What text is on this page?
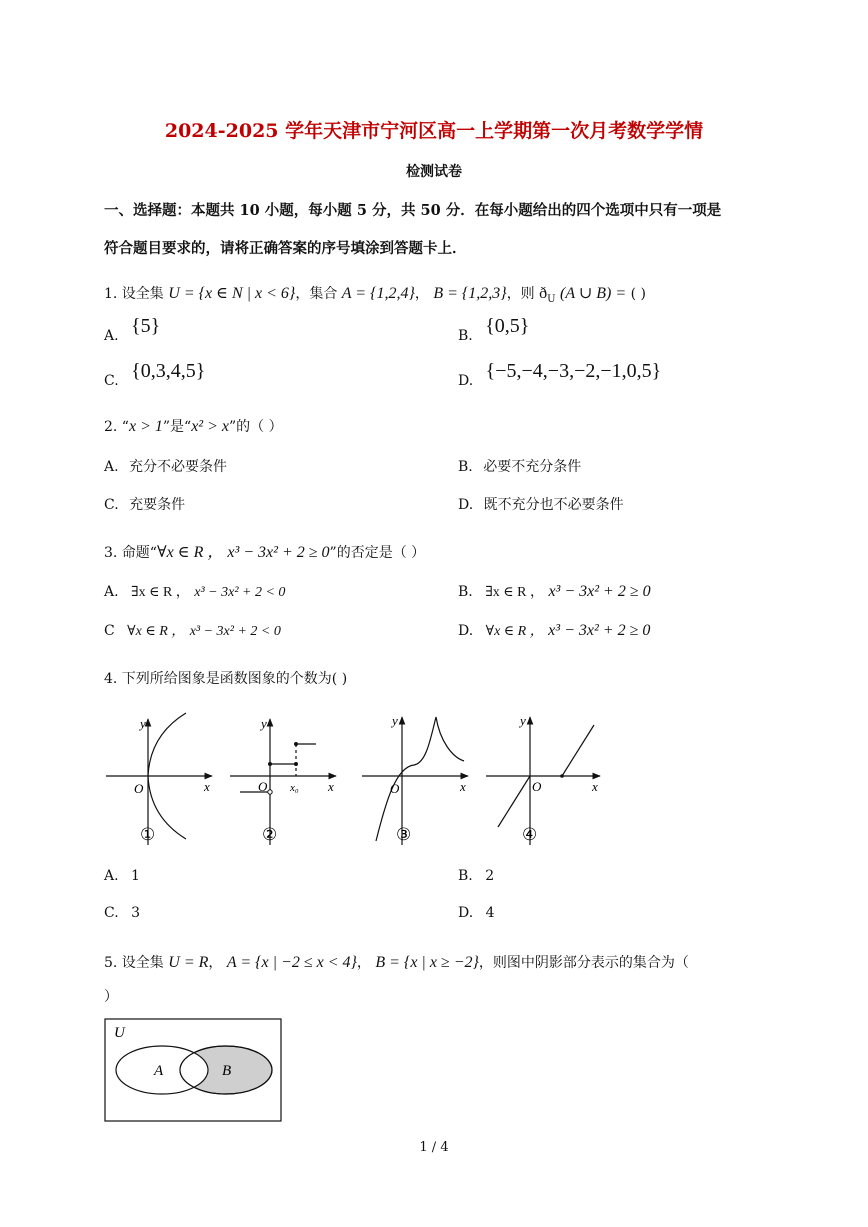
2024-2025 学年天津市宁河区高一上学期第一次月考数学学情
检测试卷
一、选择题：本题共 10 小题，每小题 5 分，共 50 分．在每小题给出的四个选项中只有一项是
符合题目要求的，请将正确答案的序号填涂到答题卡上．
1. 设全集 U = {x ∈ N | x < 6}，集合 A = {1,2,4}， B = {1,2,3}，则 $ð_U$ (A ∪ B) = ( )
A. {5}	B. {0,5}
C. {0,3,4,5}	D. {−5,−4,−3,−2,−1,0,5}
2. “x > 1”是“x² > x”的（ ）
A. 充分不必要条件	B. 必要不充分条件
C. 充要条件	D. 既不充分也不必要条件
3. 命题“∀x ∈ R ， x³ − 3x² + 2 ≥ 0”的否定是（ ）
A. ∃x ∈ R ， x³ − 3x² + 2 < 0	B. ∃x ∈ R ， x³ − 3x² + 2 ≥ 0
C ∀x ∈ R ， x³ − 3x² + 2 < 0	D. ∀x ∈ R ， x³ − 3x² + 2 ≥ 0
4. 下列所给图象是函数图象的个数为( )
y
x
O
①
y
x
O x₀
②
y
x
O
③
y
x
O
④
A. 1	B. 2
C. 3	D. 4
5. 设全集 U = R， A = {x | −2 ≤ x < 4}， B = {x | x ≥ −2}，则图中阴影部分表示的集合为（
）
U
A	B
1 / 4
